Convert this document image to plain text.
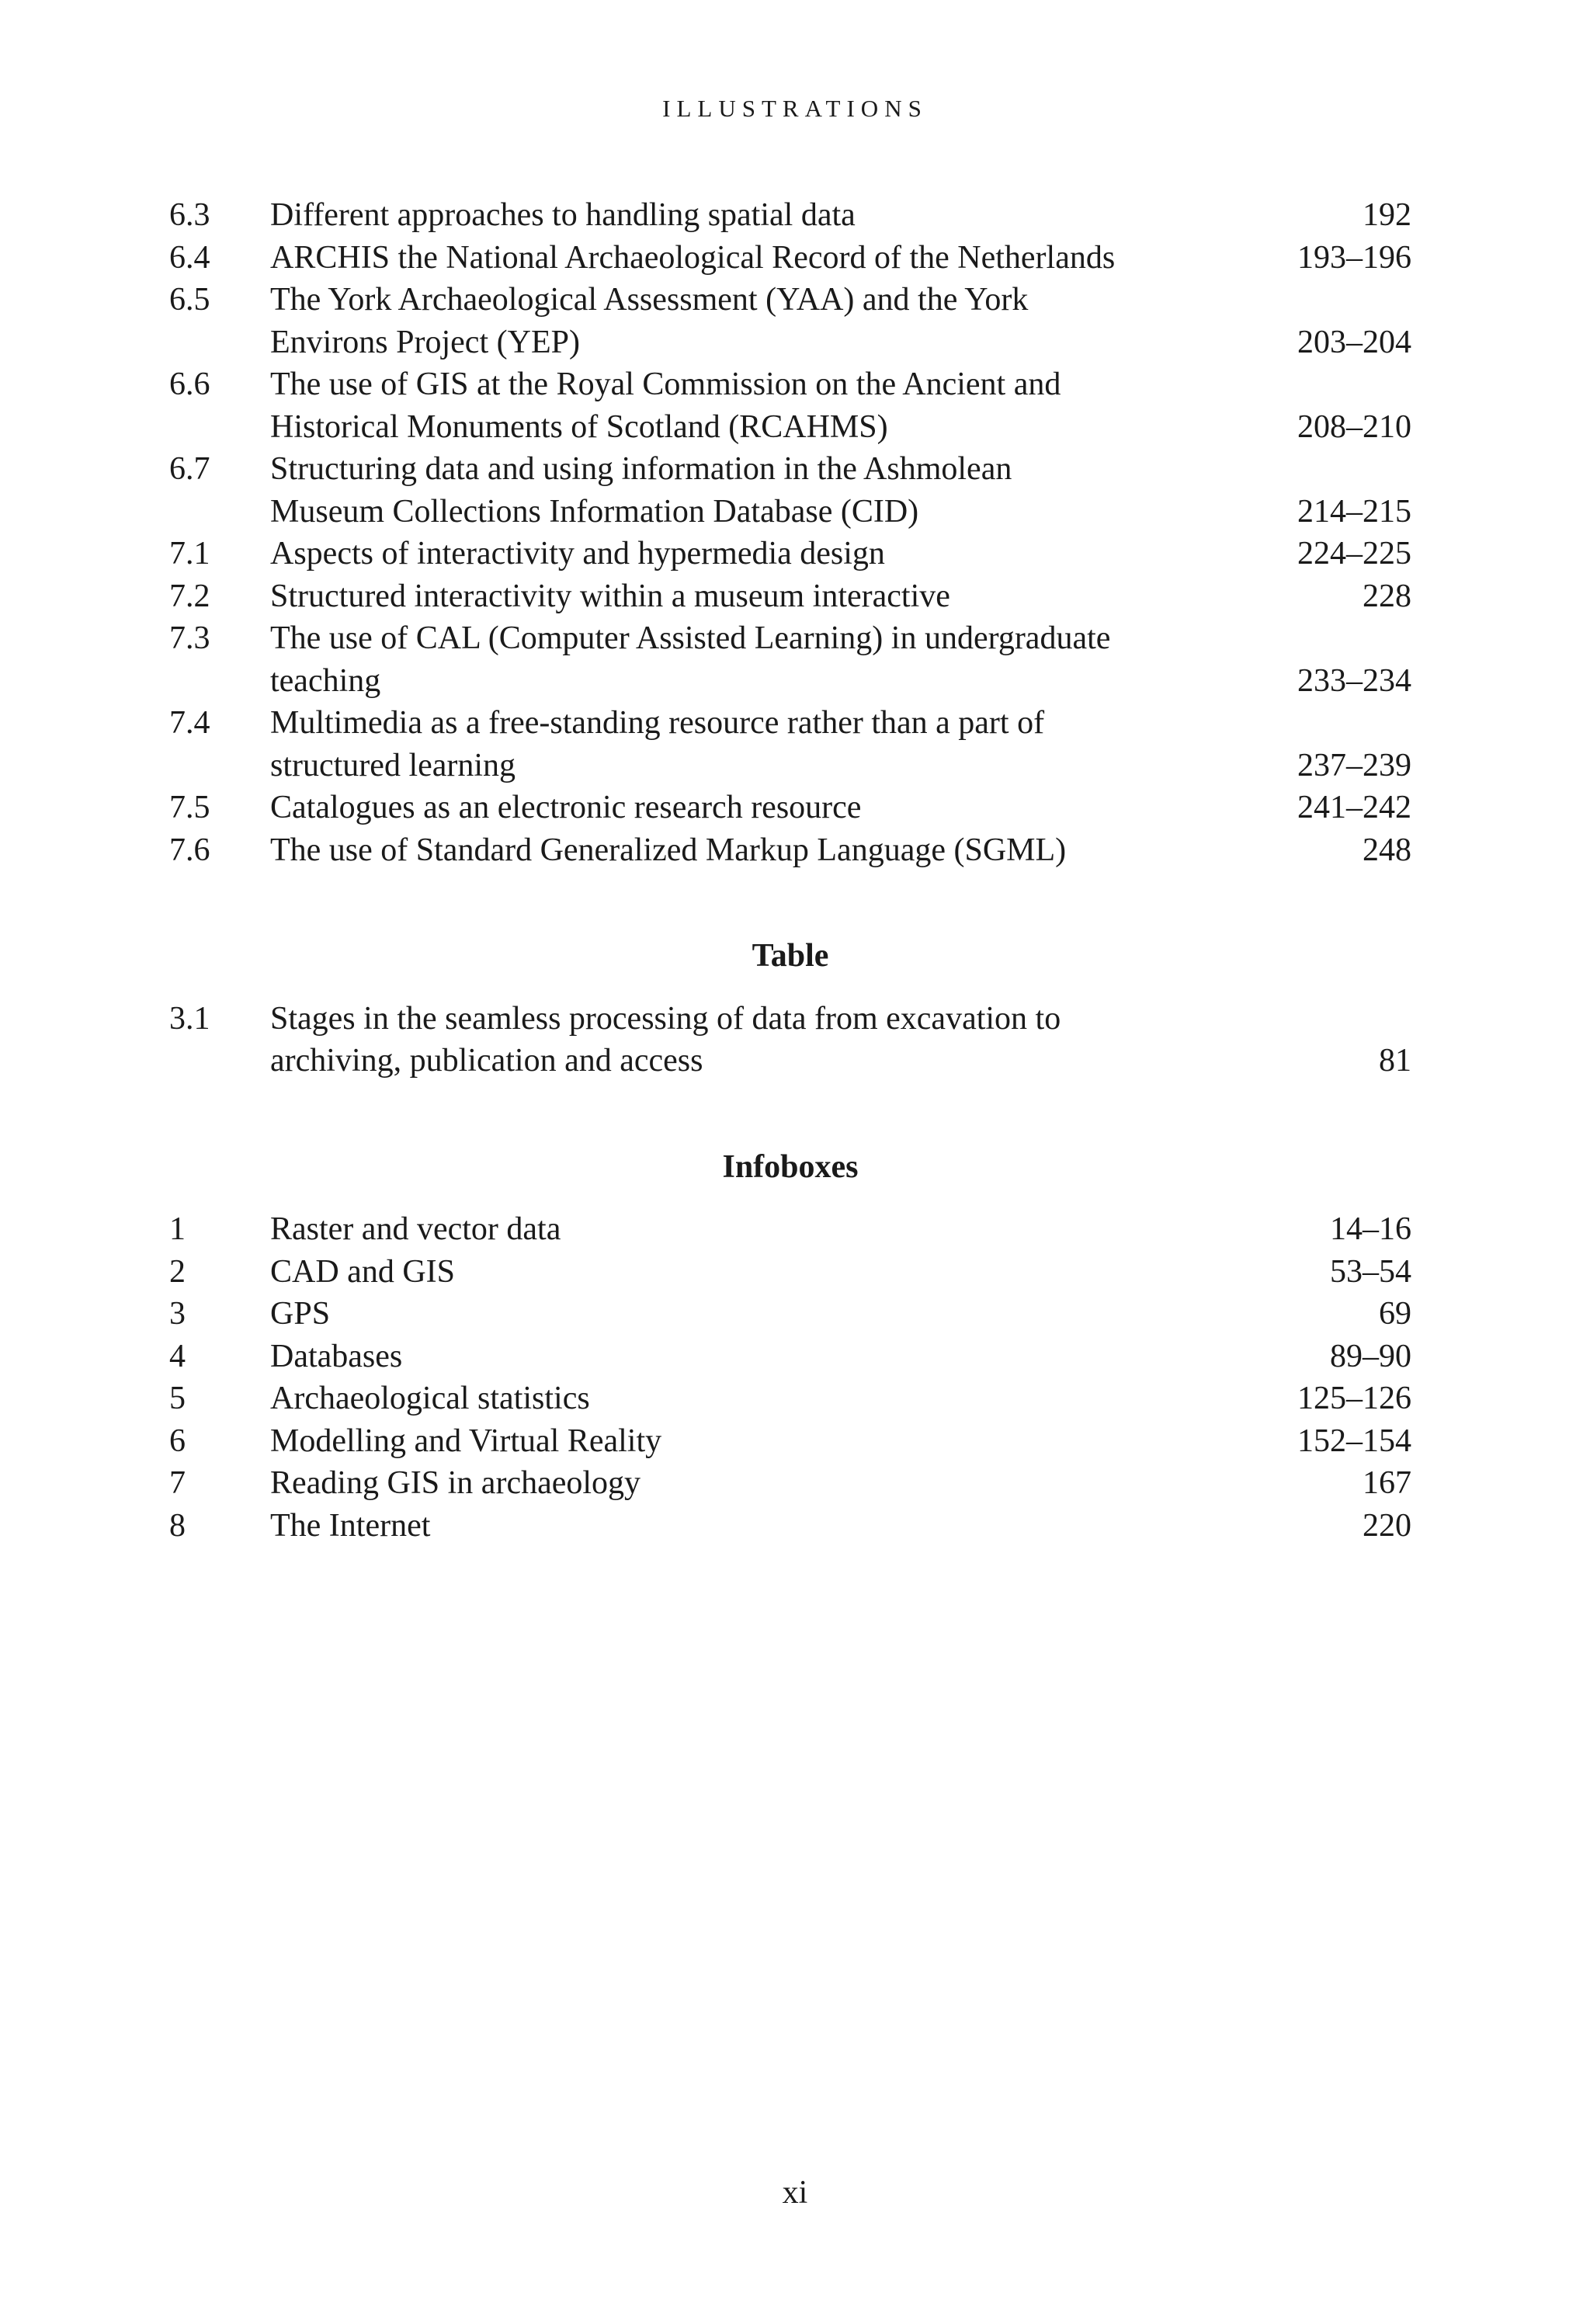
ILLUSTRATIONS
6.3	Different approaches to handling spatial data	192
6.4	ARCHIS the National Archaeological Record of the Netherlands	193–196
6.5	The York Archaeological Assessment (YAA) and the York
Environs Project (YEP)	203–204
6.6	The use of GIS at the Royal Commission on the Ancient and
Historical Monuments of Scotland (RCAHMS)	208–210
6.7	Structuring data and using information in the Ashmolean
Museum Collections Information Database (CID)	214–215
7.1	Aspects of interactivity and hypermedia design	224–225
7.2	Structured interactivity within a museum interactive	228
7.3	The use of CAL (Computer Assisted Learning) in undergraduate
teaching	233–234
7.4	Multimedia as a free-standing resource rather than a part of
structured learning	237–239
7.5	Catalogues as an electronic research resource	241–242
7.6	The use of Standard Generalized Markup Language (SGML)	248
Table
3.1	Stages in the seamless processing of data from excavation to
archiving, publication and access	81
Infoboxes
1	Raster and vector data	14–16
2	CAD and GIS	53–54
3	GPS	69
4	Databases	89–90
5	Archaeological statistics	125–126
6	Modelling and Virtual Reality	152–154
7	Reading GIS in archaeology	167
8	The Internet	220
xi
